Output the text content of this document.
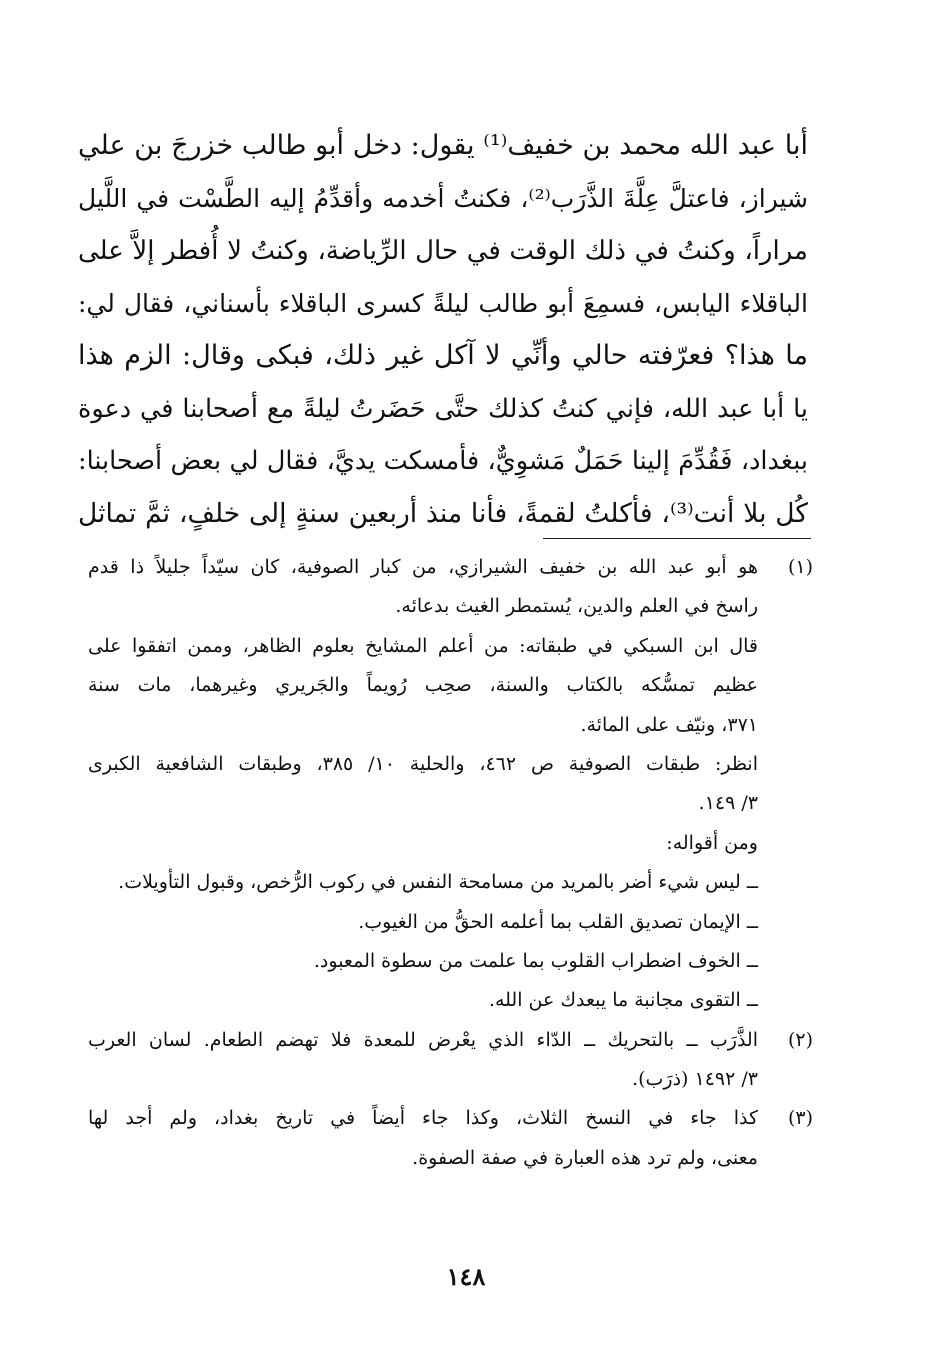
أبا عبد الله محمد بن خفيف⁽¹⁾ يقول: دخل أبو طالب خزرجَ بن علي
شيراز، فاعتلَّ عِلَّةَ الذَّرَب⁽²⁾، فكنتُ أخدمه وأقدِّمُ إليه الطَّسْت في اللَّيل
مراراً، وكنتُ في ذلك الوقت في حال الرِّياضة، وكنتُ لا أُفطر إلاَّ على
الباقلاء اليابس، فسمِعَ أبو طالب ليلةً كسرى الباقلاء بأسناني، فقال لي:
ما هذا؟ فعرّفته حالي وأنِّي لا آكل غير ذلك، فبكى وقال: الزم هذا
يا أبا عبد الله، فإني كنتُ كذلك حتَّى حَضَرتُ ليلةً مع أصحابنا في دعوة
ببغداد، فَقُدِّمَ إلينا حَمَلٌ مَشوِيٌّ، فأمسكت يديَّ، فقال لي بعض أصحابنا:
كُل بلا أنت⁽³⁾، فأكلتُ لقمةً، فأنا منذ أربعين سنةٍ إلى خلفٍ، ثمَّ تماثل
(١)
هو أبو عبد الله بن خفيف الشيرازي، من كبار الصوفية، كان سيّداً جليلاً ذا قدم
راسخ في العلم والدين، يُستمطر الغيث بدعائه.
قال ابن السبكي في طبقاته: من أعلم المشايخ بعلوم الظاهر، وممن اتفقوا على
عظيم تمسُّكه بالكتاب والسنة، صحِب رُويماً والجَريري وغيرهما، مات سنة
٣٧١، ونيّف على المائة.
انظر: طبقات الصوفية ص ٤٦٢، والحلية ١٠/ ٣٨٥، وطبقات الشافعية الكبرى
٣/ ١٤٩.
ومن أقواله:
ــ ليس شيء أضر بالمريد من مسامحة النفس في ركوب الرُّخص، وقبول التأويلات.
ــ الإيمان تصديق القلب بما أعلمه الحقُّ من الغيوب.
ــ الخوف اضطراب القلوب بما علمت من سطوة المعبود.
ــ التقوى مجانبة ما يبعدك عن الله.
(٢)
الذَّرَب ــ بالتحريك ــ الدّاء الذي يعْرض للمعدة فلا تهضم الطعام. لسان العرب
٣/ ١٤٩٢ (ذرَب).
(٣)
كذا جاء في النسخ الثلاث، وكذا جاء أيضاً في تاريخ بغداد، ولم أجد لها
معنى، ولم ترد هذه العبارة في صفة الصفوة.
١٤٨
